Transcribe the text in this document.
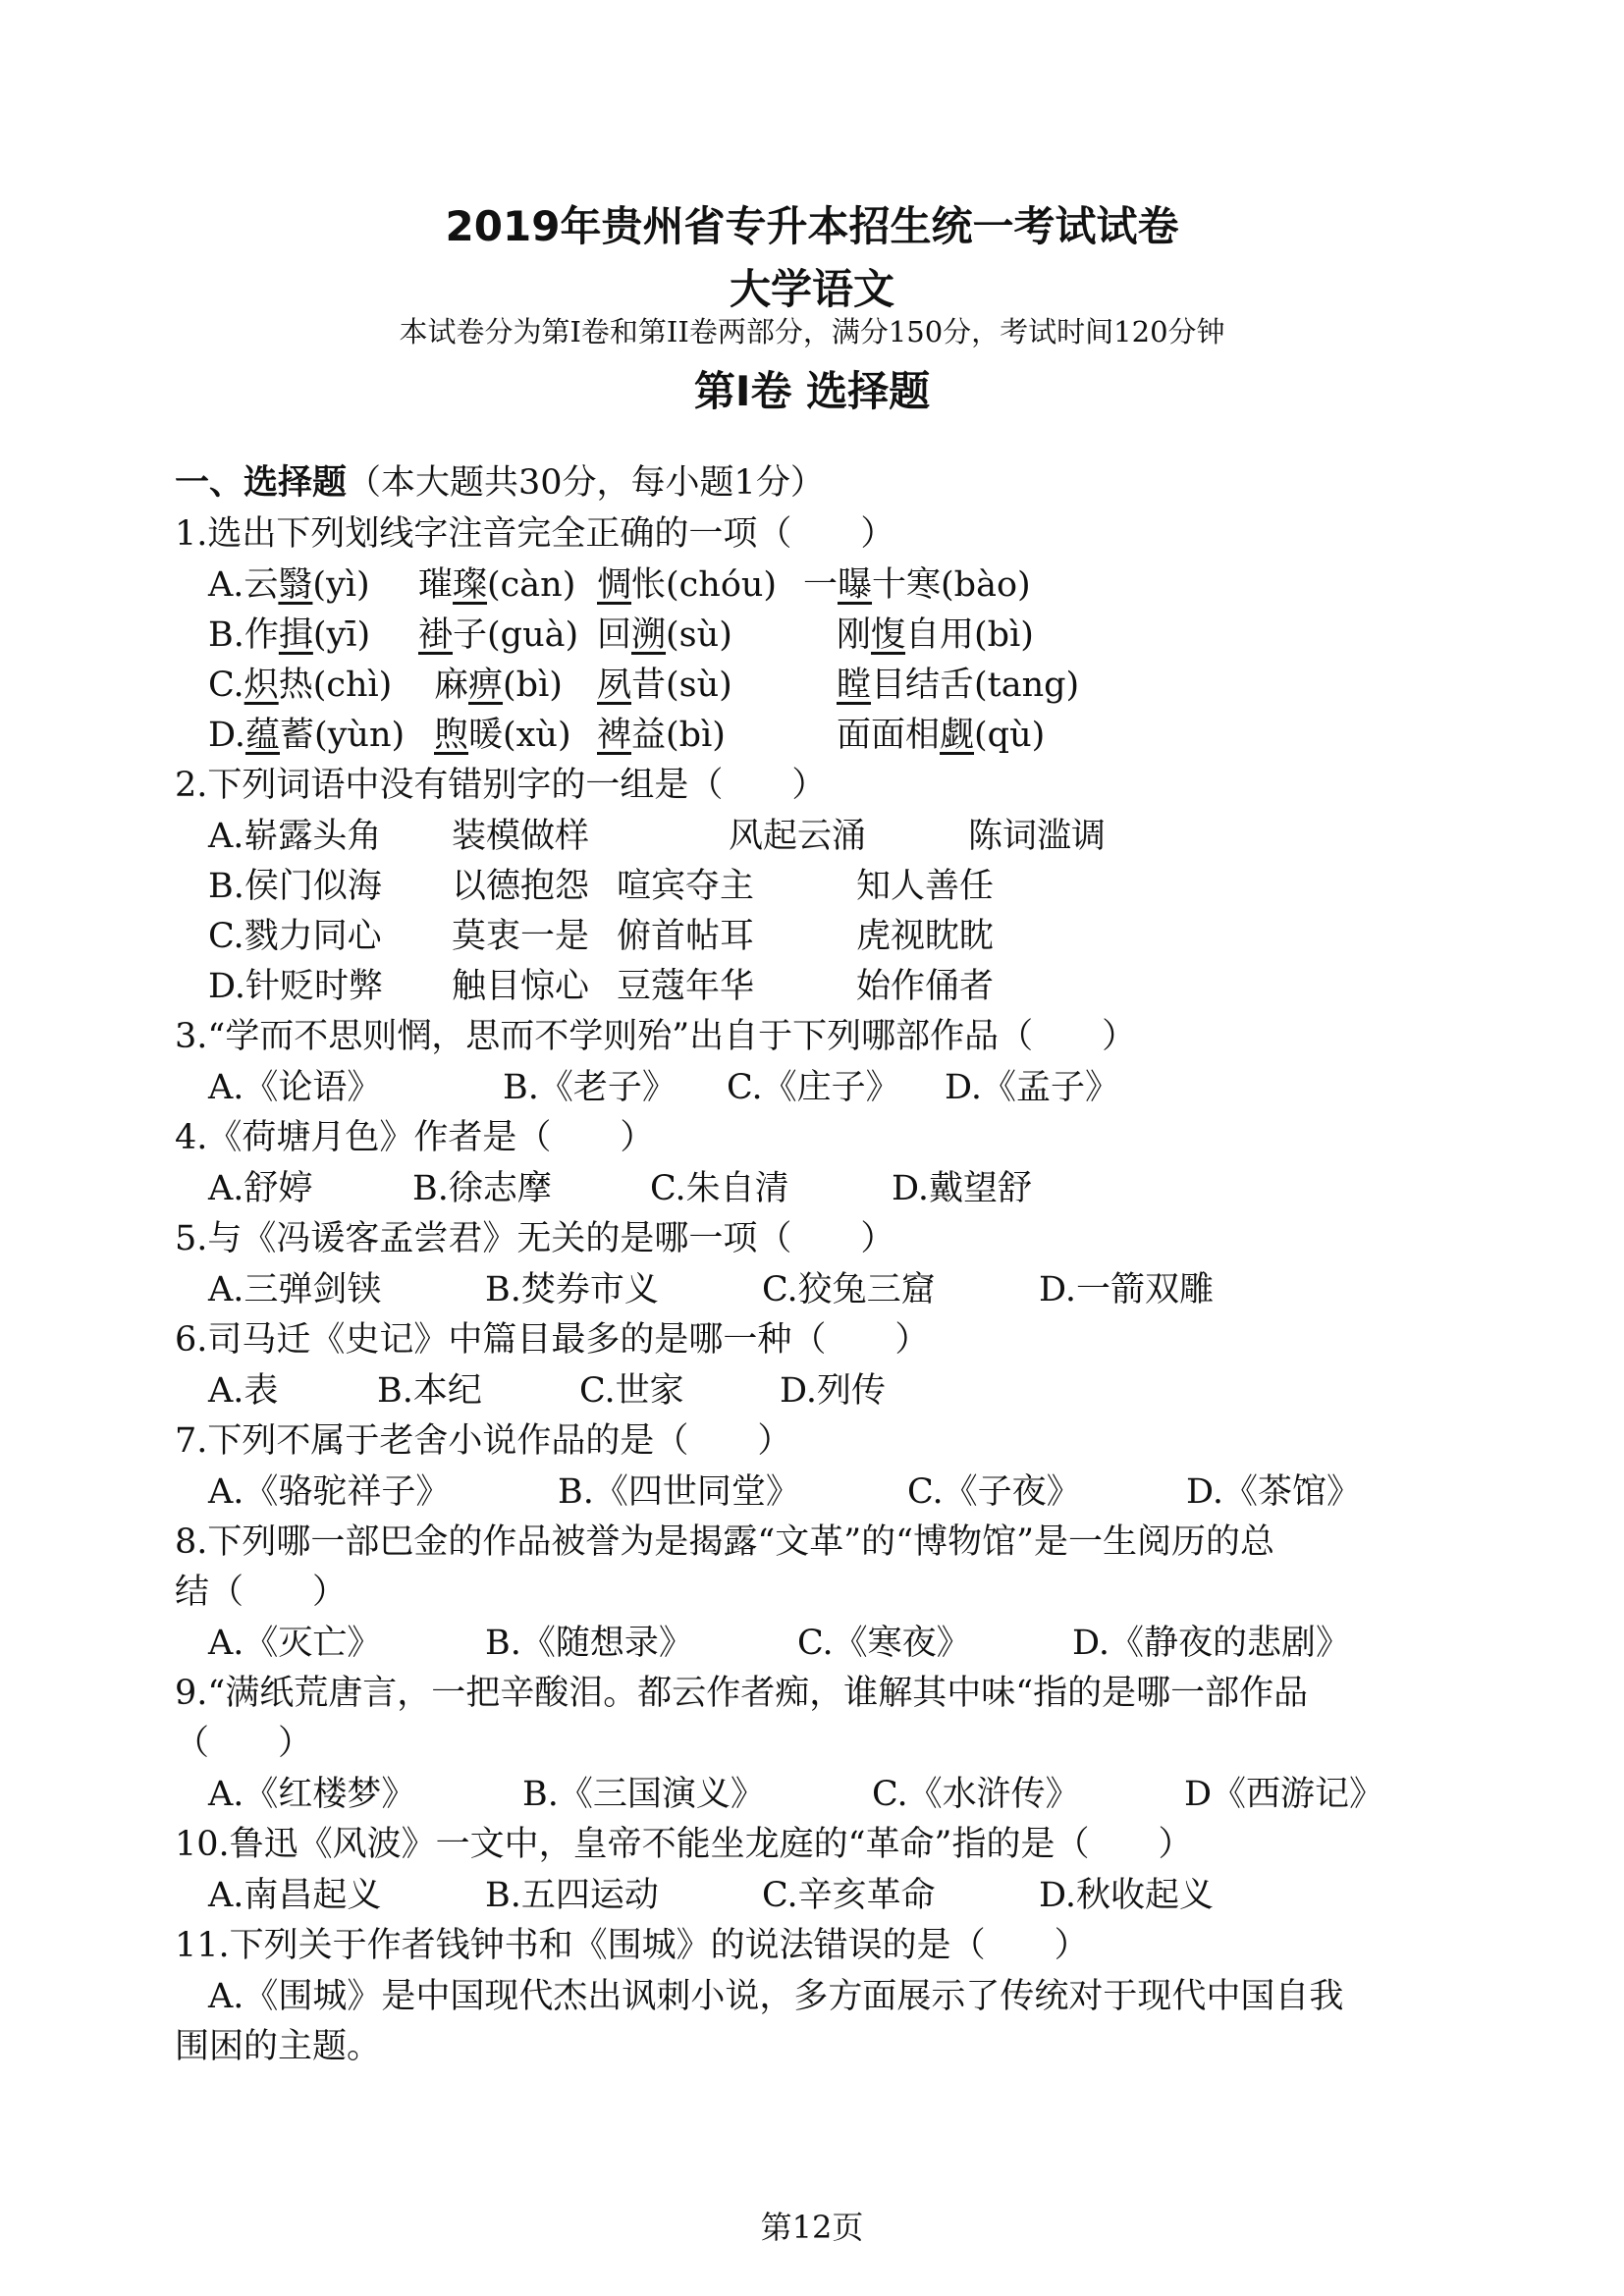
2019年贵州省专升本招生统一考试试卷
大学语文
本试卷分为第I卷和第II卷两部分，满分150分，考试时间120分钟
第I卷 选择题
一、选择题（本大题共30分，每小题1分）
1.选出下列划线字注音完全正确的一项（　　）
A.云翳(yì) 璀璨(càn) 惆怅(chóu) 一曝十寒(bào)
B.作揖(yī) 褂子(guà) 回溯(sù)	刚愎自用(bì)
C.炽热(chì) 麻痹(bì) 夙昔(sù)	瞠目结舌(tang)
D.蕴蓄(yùn) 煦暖(xù) 裨益(bì)	面面相觑(qù)
2.下列词语中没有错别字的一组是（　　）
A.崭露头角 装模做样	风起云涌	陈词滥调
B.侯门似海 以德抱怨 喧宾夺主	知人善任
C.戮力同心 莫衷一是 俯首帖耳	虎视眈眈
D.针贬时弊 触目惊心 豆蔻年华	始作俑者
3.“学而不思则惘，思而不学则殆”出自于下列哪部作品（　　）
A.《论语》	B.《老子》 C.《庄子》 D.《孟子》
4.《荷塘月色》作者是（　　）
A.舒婷	B.徐志摩	C.朱自清	D.戴望舒
5.与《冯谖客孟尝君》无关的是哪一项（　　）
A.三弹剑铗	B.焚券市义	C.狡兔三窟	D.一箭双雕
6.司马迁《史记》中篇目最多的是哪一种（　　）
A.表	B.本纪	C.世家	D.列传
7.下列不属于老舍小说作品的是（　　）
A.《骆驼祥子》	B.《四世同堂》	C.《子夜》	D.《茶馆》
8.下列哪一部巴金的作品被誉为是揭露“文革”的“博物馆”是一生阅历的总
结（　　）
A.《灭亡》	B.《随想录》	C.《寒夜》	D.《静夜的悲剧》
9.“满纸荒唐言，一把辛酸泪。都云作者痴，谁解其中味“指的是哪一部作品
（　　）
A.《红楼梦》	B.《三国演义》	C.《水浒传》	D《西游记》
10.鲁迅《风波》一文中，皇帝不能坐龙庭的“革命”指的是（　　）
A.南昌起义	B.五四运动	C.辛亥革命	D.秋收起义
11.下列关于作者钱钟书和《围城》的说法错误的是（　　）
A.《围城》是中国现代杰出讽刺小说，多方面展示了传统对于现代中国自我
围困的主题。
第12页
